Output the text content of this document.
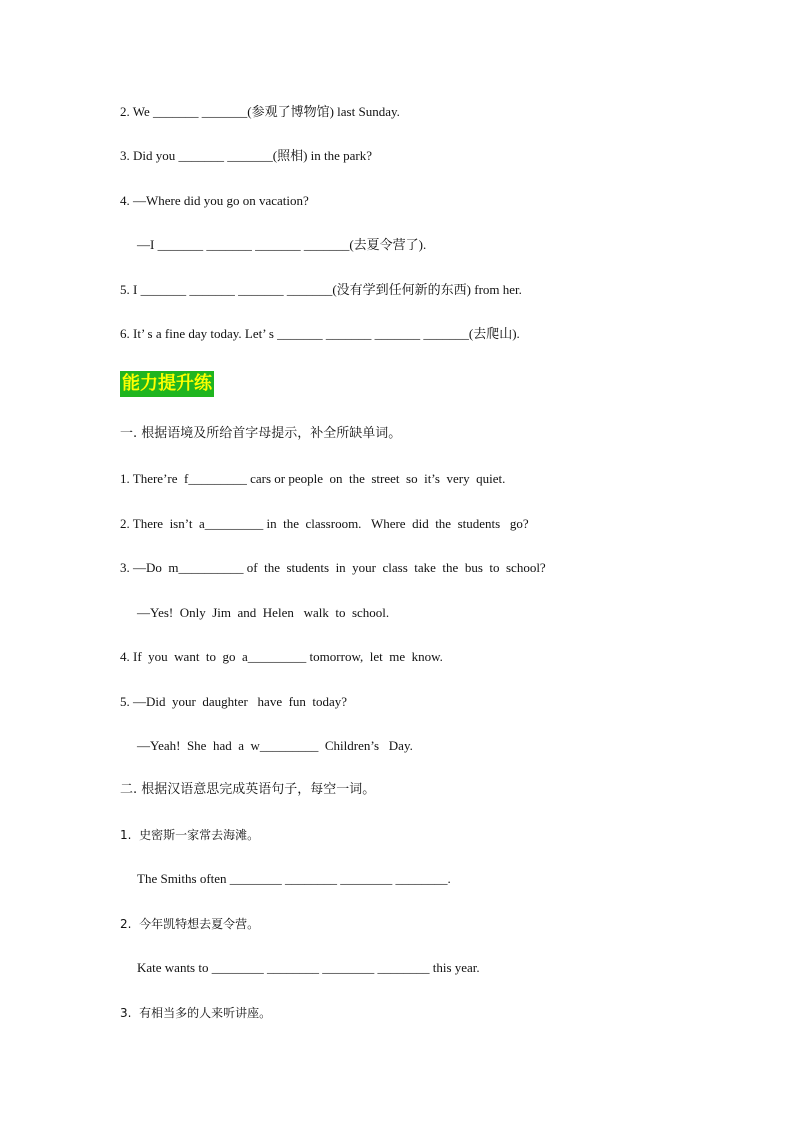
2. We _______ _______(参观了博物馆) last Sunday.
3. Did you _______ _______(照相) in the park?
4. —Where did you go on vacation?
—I _______ _______ _______ _______(去夏令营了).
5. I _______ _______ _______ _______(没有学到任何新的东西) from her.
6. It’ s a fine day today. Let’ s _______ _______ _______ _______(去爬山).
能力提升练
一. 根据语境及所给首字母提示，补全所缺单词。
1. There’re  f_________ cars or people  on  the  street  so  it’s  very  quiet.
2. There  isn’t  a_________ in  the  classroom.   Where  did  the  students   go?
3. —Do  m__________ of  the  students  in  your  class  take  the  bus  to  school?
—Yes!  Only  Jim  and  Helen   walk  to  school.
4. If  you  want  to  go  a_________ tomorrow,  let  me  know.
5. —Did  your  daughter   have  fun  today?
—Yeah!  She  had  a  w_________  Children’s   Day.
二. 根据汉语意思完成英语句子，每空一词。
1.  史密斯一家常去海滩。
The Smiths often ________ ________ ________ ________.
2.  今年凯特想去夏令营。
Kate wants to ________ ________ ________ ________ this year.
3.  有相当多的人来听讲座。
